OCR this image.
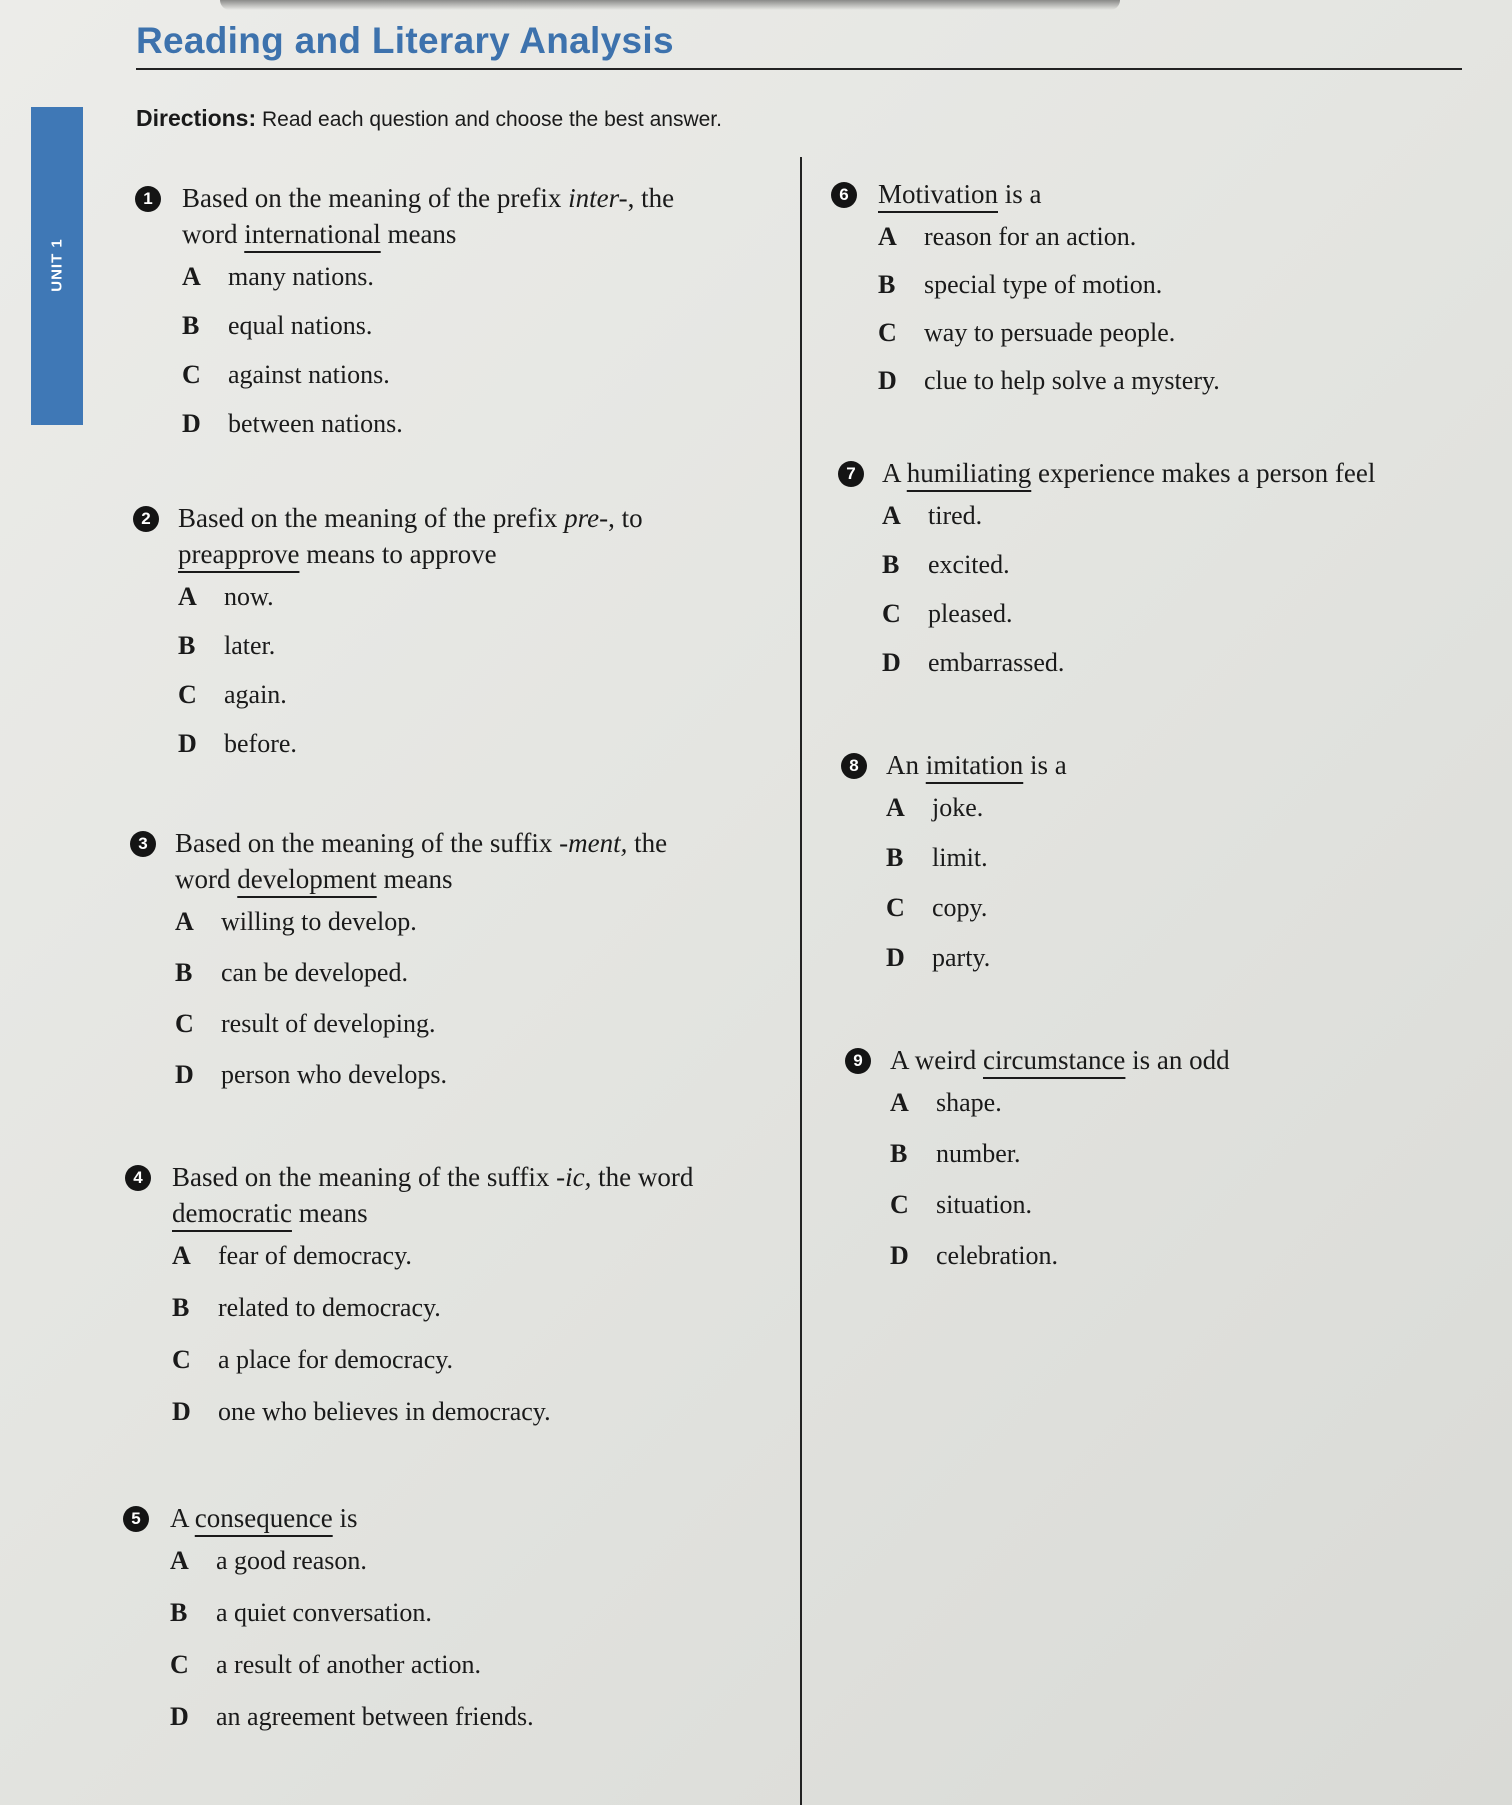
UNIT 1
Reading and Literary Analysis
Directions: Read each question and choose the best answer.
1	Based on the meaning of the prefix inter-, the
word international means
A	many nations.
B	equal nations.
C	against nations.
D	between nations.
2	Based on the meaning of the prefix pre-, to
preapprove means to approve
A	now.
B	later.
C	again.
D	before.
3	Based on the meaning of the suffix -ment, the
word development means
A	willing to develop.
B	can be developed.
C	result of developing.
D	person who develops.
4	Based on the meaning of the suffix -ic, the word
democratic means
A	fear of democracy.
B	related to democracy.
C	a place for democracy.
D	one who believes in democracy.
5	A consequence is
A	a good reason.
B	a quiet conversation.
C	a result of another action.
D	an agreement between friends.
6	Motivation is a
A	reason for an action.
B	special type of motion.
C	way to persuade people.
D	clue to help solve a mystery.
7 A humiliating experience makes a person feel
A	tired.
B	excited.
C	pleased.
D	embarrassed.
8	An imitation is a
A	joke.
B	limit.
C	copy.
D	party.
9	A weird circumstance is an odd
A	shape.
B	number.
C	situation.
D	celebration.
